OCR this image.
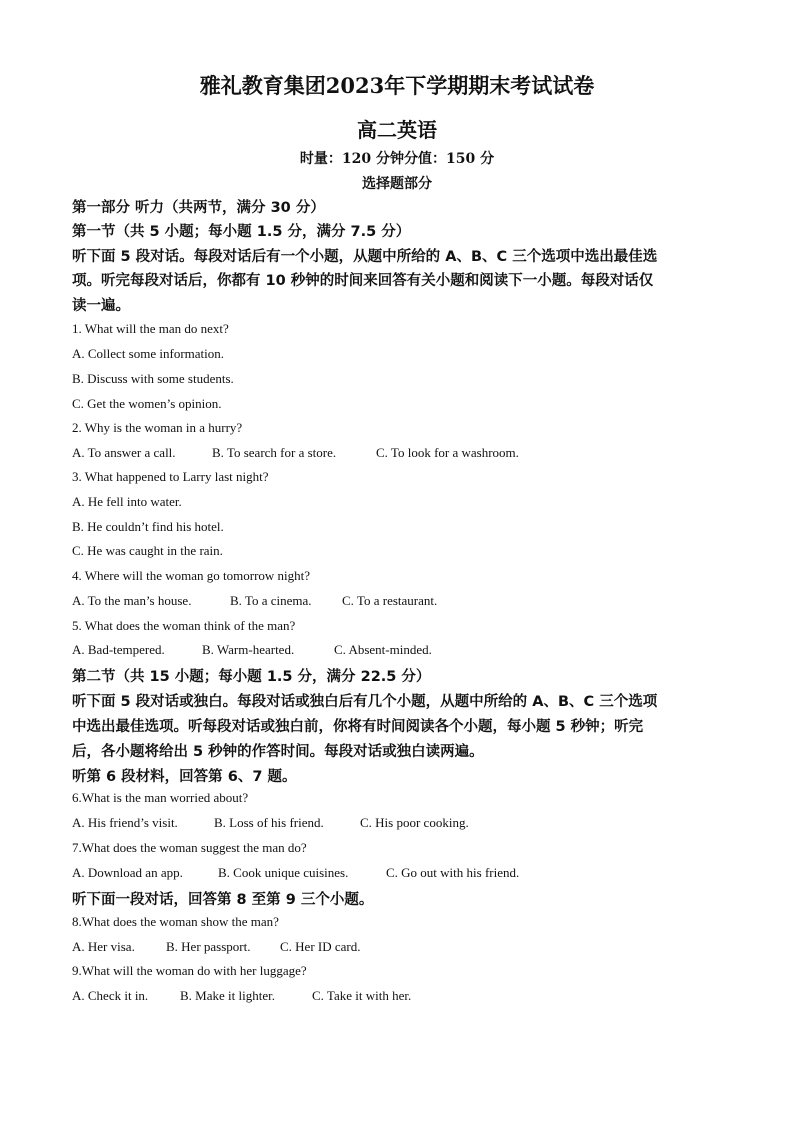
雅礼教育集团2023年下学期期末考试试卷
高二英语
时量：120 分钟分值：150 分
选择题部分
第一部分 听力（共两节，满分 30 分）
第一节（共 5 小题；每小题 1.5 分，满分 7.5 分）
听下面 5 段对话。每段对话后有一个小题，从题中所给的 A、B、C 三个选项中选出最佳选
项。听完每段对话后，你都有 10 秒钟的时间来回答有关小题和阅读下一小题。每段对话仅
读一遍。
1. What will the man do next?
A. Collect some information.
B. Discuss with some students.
C. Get the women’s opinion.
2. Why is the woman in a hurry?
A. To answer a call.	B. To search for a store.	C. To look for a washroom.
3. What happened to Larry last night?
A. He fell into water.
B. He couldn’t find his hotel.
C. He was caught in the rain.
4. Where will the woman go tomorrow night?
A. To the man’s house.	B. To a cinema. C. To a restaurant.
5. What does the woman think of the man?
A. Bad-tempered.	B. Warm-hearted.	C. Absent-minded.
第二节（共 15 小题；每小题 1.5 分，满分 22.5 分）
听下面 5 段对话或独白。每段对话或独白后有几个小题，从题中所给的 A、B、C 三个选项
中选出最佳选项。听每段对话或独白前，你将有时间阅读各个小题，每小题 5 秒钟；听完
后，各小题将给出 5 秒钟的作答时间。每段对话或独白读两遍。
听第 6 段材料，回答第 6、7 题。
6.What is the man worried about?
A. His friend’s visit.	B. Loss of his friend.	C. His poor cooking.
7.What does the woman suggest the man do?
A. Download an app.	B. Cook unique cuisines.	C. Go out with his friend.
听下面一段对话，回答第 8 至第 9 三个小题。
8.What does the woman show the man?
A. Her visa. B. Her passport. C. Her ID card.
9.What will the woman do with her luggage?
A. Check it in. B. Make it lighter.	C. Take it with her.
